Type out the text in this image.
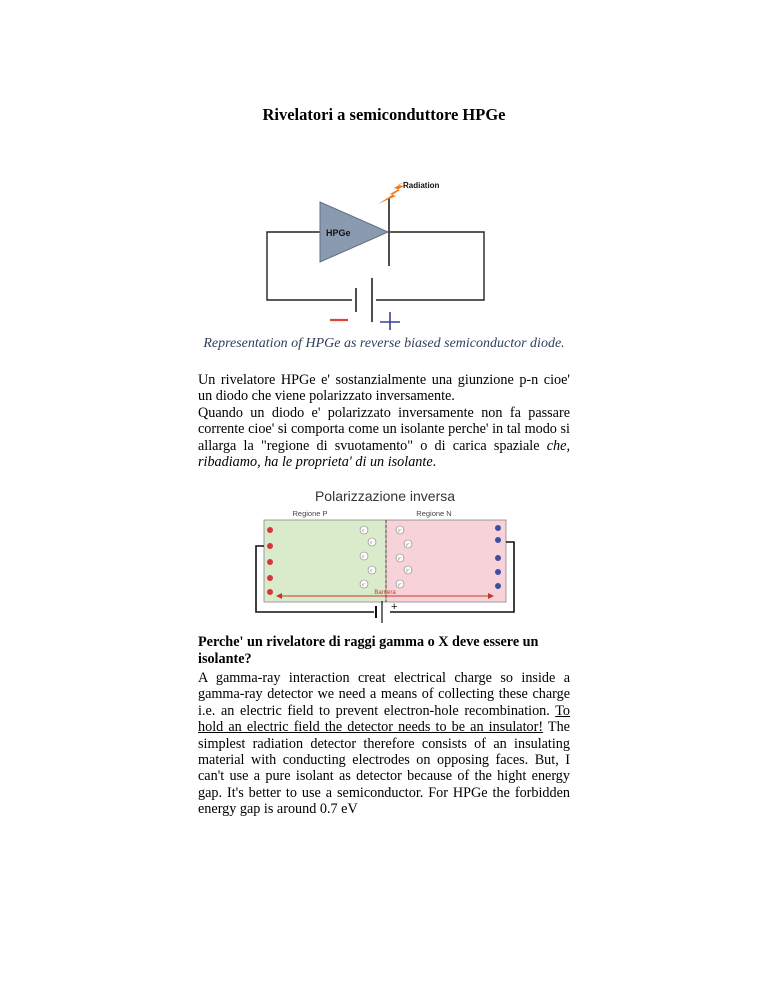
Rivelatori a semiconduttore HPGe
HPGe
Radiation
Representation of HPGe as reverse biased semiconductor diode.

Un rivelatore HPGe e' sostanzialmente una giunzione p-n cioe' un diodo che viene polarizzato inversamente.

Quando un diodo e' polarizzato inversamente non fa passare corrente cioe' si comporta come un isolante perche' in tal modo si allarga la "regione di svuotamento" o di carica spaziale che, ribadiamo, ha le proprieta' di un isolante.

Polarizzazione inversa
Regione P	Regione N
e⁻
e⁻
e⁻
e⁻
e⁻
p⁺
p⁺
p⁺
p⁺
p⁺
Barriera
+
Perche' un rivelatore di raggi gamma o X deve essere un isolante?

A gamma-ray interaction creat electrical charge so inside a gamma-ray detector we need a means of collecting these charge i.e. an electric field to prevent electron-hole recombination. To hold an electric field the detector needs to be an insulator! The simplest radiation detector therefore consists of an insulating material with conducting electrodes on opposing faces. But, I can't use a pure isolant as detector because of the hight energy gap. It's better to use a semiconductor. For HPGe the forbidden energy gap is around 0.7 eV
